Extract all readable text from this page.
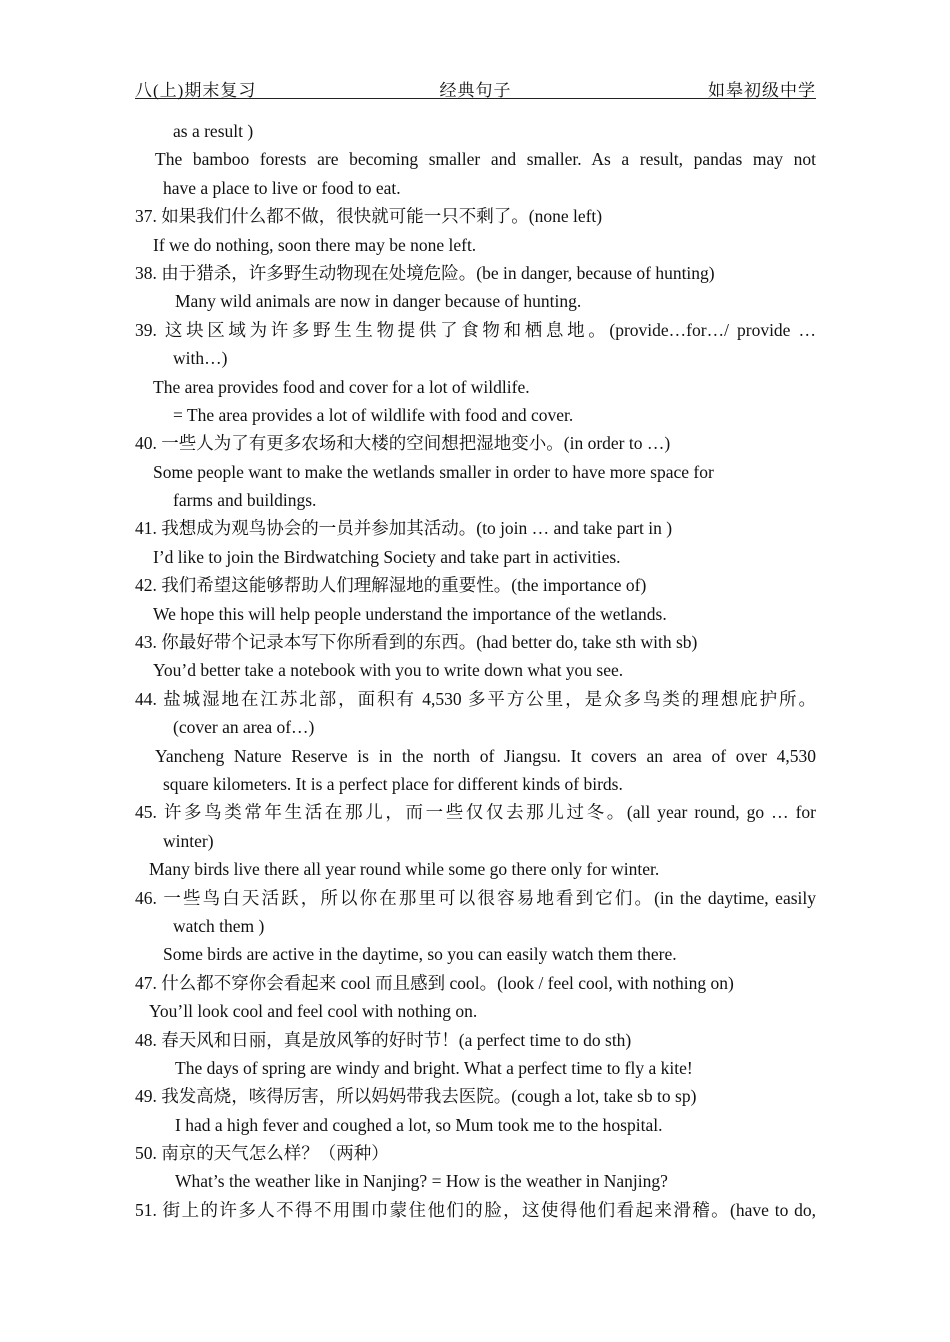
八(上)期末复习	经典句子	如皋初级中学
as a result )
The bamboo forests are becoming smaller and smaller. As a result, pandas may not
have a place to live or food to eat.
37. 如果我们什么都不做，很快就可能一只不剩了。(none left)
If we do nothing, soon there may be none left.
38. 由于猎杀，许多野生动物现在处境危险。(be in danger, because of hunting)
Many wild animals are now in danger because of hunting.
39. 这块区域为许多野生生物提供了食物和栖息地。(provide…for…/ provide …
with…)
The area provides food and cover for a lot of wildlife.
= The area provides a lot of wildlife with food and cover.
40. 一些人为了有更多农场和大楼的空间想把湿地变小。(in order to …)
Some people want to make the wetlands smaller in order to have more space for
farms and buildings.
41. 我想成为观鸟协会的一员并参加其活动。(to join … and take part in )
I’d like to join the Birdwatching Society and take part in activities.
42. 我们希望这能够帮助人们理解湿地的重要性。(the importance of)
We hope this will help people understand the importance of the wetlands.
43. 你最好带个记录本写下你所看到的东西。(had better do, take sth with sb)
You’d better take a notebook with you to write down what you see.
44. 盐城湿地在江苏北部，面积有 4,530 多平方公里，是众多鸟类的理想庇护所。
(cover an area of…)
Yancheng Nature Reserve is in the north of Jiangsu. It covers an area of over 4,530
square kilometers. It is a perfect place for different kinds of birds.
45. 许多鸟类常年生活在那儿，而一些仅仅去那儿过冬。(all year round, go … for
winter)
Many birds live there all year round while some go there only for winter.
46. 一些鸟白天活跃，所以你在那里可以很容易地看到它们。(in the daytime, easily
watch them )
Some birds are active in the daytime, so you can easily watch them there.
47. 什么都不穿你会看起来 cool 而且感到 cool。(look / feel cool, with nothing on)
You’ll look cool and feel cool with nothing on.
48. 春天风和日丽，真是放风筝的好时节！(a perfect time to do sth)
The days of spring are windy and bright. What a perfect time to fly a kite!
49. 我发高烧，咳得厉害，所以妈妈带我去医院。(cough a lot, take sb to sp)
I had a high fever and coughed a lot, so Mum took me to the hospital.
50. 南京的天气怎么样？（两种）
What’s the weather like in Nanjing? = How is the weather in Nanjing?
51. 街上的许多人不得不用围巾蒙住他们的脸，这使得他们看起来滑稽。(have to do,
